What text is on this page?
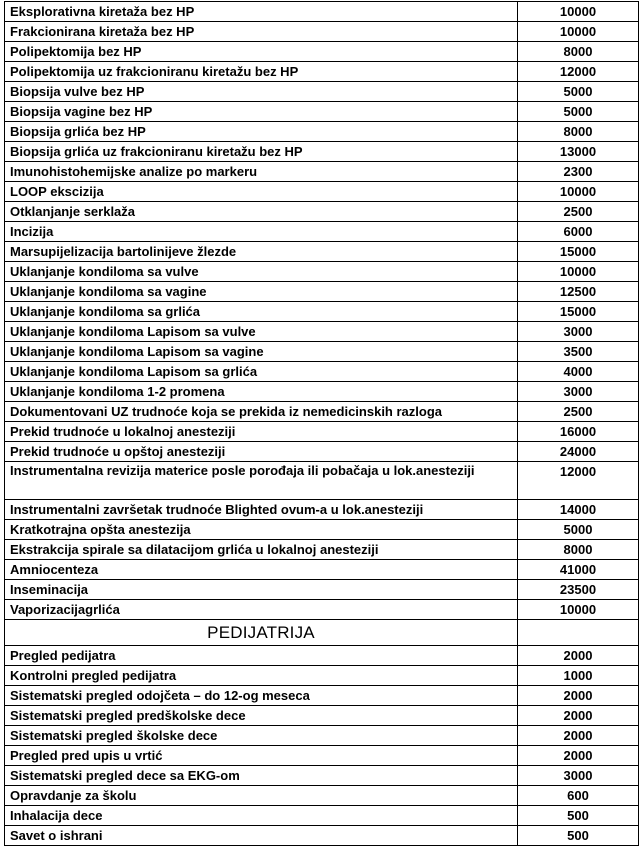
Eksplorativna kiretaža bez HP	10000
Frakcionirana kiretaža bez HP	10000
Polipektomija bez HP	8000
Polipektomija uz frakcioniranu kiretažu bez HP	12000
Biopsija vulve bez HP	5000
Biopsija vagine bez HP	5000
Biopsija grlića bez HP	8000
Biopsija grlića uz frakcioniranu kiretažu bez HP	13000
Imunohistohemijske analize po markeru	2300
LOOP ekscizija	10000
Otklanjanje serklaža	2500
Incizija	6000
Marsupijelizacija bartolinijeve žlezde	15000
Uklanjanje kondiloma sa vulve	10000
Uklanjanje kondiloma sa vagine	12500
Uklanjanje kondiloma sa grlića	15000
Uklanjanje kondiloma Lapisom sa vulve	3000
Uklanjanje kondiloma Lapisom sa vagine	3500
Uklanjanje kondiloma Lapisom sa grlića	4000
Uklanjanje kondiloma 1-2 promena	3000
Dokumentovani UZ trudnoće koja se prekida iz nemedicinskih razloga	2500
Prekid trudnoće u lokalnoj anesteziji	16000
Prekid trudnoće u opštoj anesteziji	24000
Instrumentalna revizija materice posle porođaja ili pobačaja u lok.anesteziji	12000
Instrumentalni završetak trudnoće Blighted ovum-a u lok.anesteziji	14000
Kratkotrajna opšta anestezija	5000
Ekstrakcija spirale sa dilatacijom grlića u lokalnoj anesteziji	8000
Amniocenteza	41000
Inseminacija	23500
Vaporizacijagrlića	10000
PEDIJATRIJA	
Pregled pedijatra	2000
Kontrolni pregled pedijatra	1000
Sistematski pregled odojčeta – do 12-og meseca	2000
Sistematski pregled predškolske dece	2000
Sistematski pregled školske dece	2000
Pregled pred upis u vrtić	2000
Sistematski pregled dece sa EKG-om	3000
Opravdanje za školu	600
Inhalacija dece	500
Savet o ishrani	500
